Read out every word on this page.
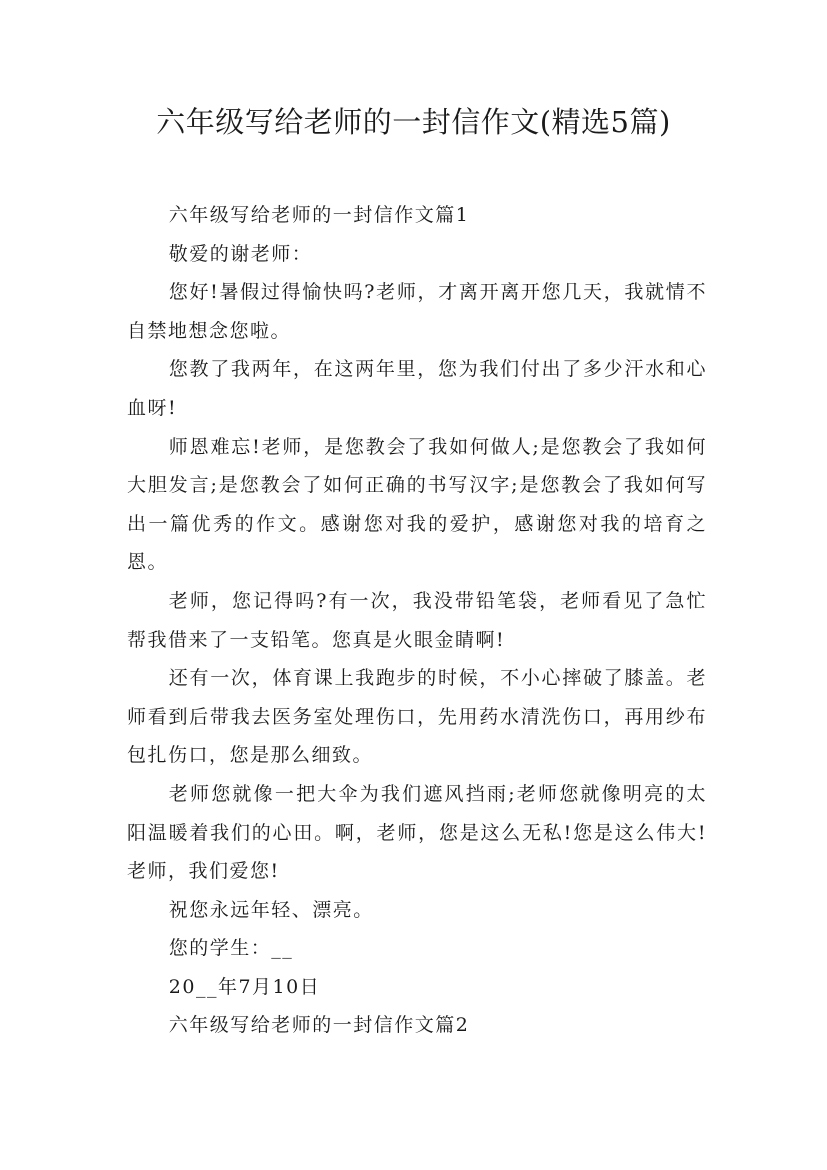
六年级写给老师的一封信作文(精选5篇)

六年级写给老师的一封信作文篇1

敬爱的谢老师：

您好!暑假过得愉快吗?老师，才离开离开您几天，我就情不自禁地想念您啦。

您教了我两年，在这两年里，您为我们付出了多少汗水和心血呀!

师恩难忘!老师，是您教会了我如何做人;是您教会了我如何大胆发言;是您教会了如何正确的书写汉字;是您教会了我如何写出一篇优秀的作文。感谢您对我的爱护，感谢您对我的培育之恩。

老师，您记得吗?有一次，我没带铅笔袋，老师看见了急忙帮我借来了一支铅笔。您真是火眼金睛啊!

还有一次，体育课上我跑步的时候，不小心摔破了膝盖。老师看到后带我去医务室处理伤口，先用药水清洗伤口，再用纱布包扎伤口，您是那么细致。

老师您就像一把大伞为我们遮风挡雨;老师您就像明亮的太阳温暖着我们的心田。啊，老师，您是这么无私!您是这么伟大!老师，我们爱您!

祝您永远年轻、漂亮。

您的学生：__

20__年7月10日

六年级写给老师的一封信作文篇2
